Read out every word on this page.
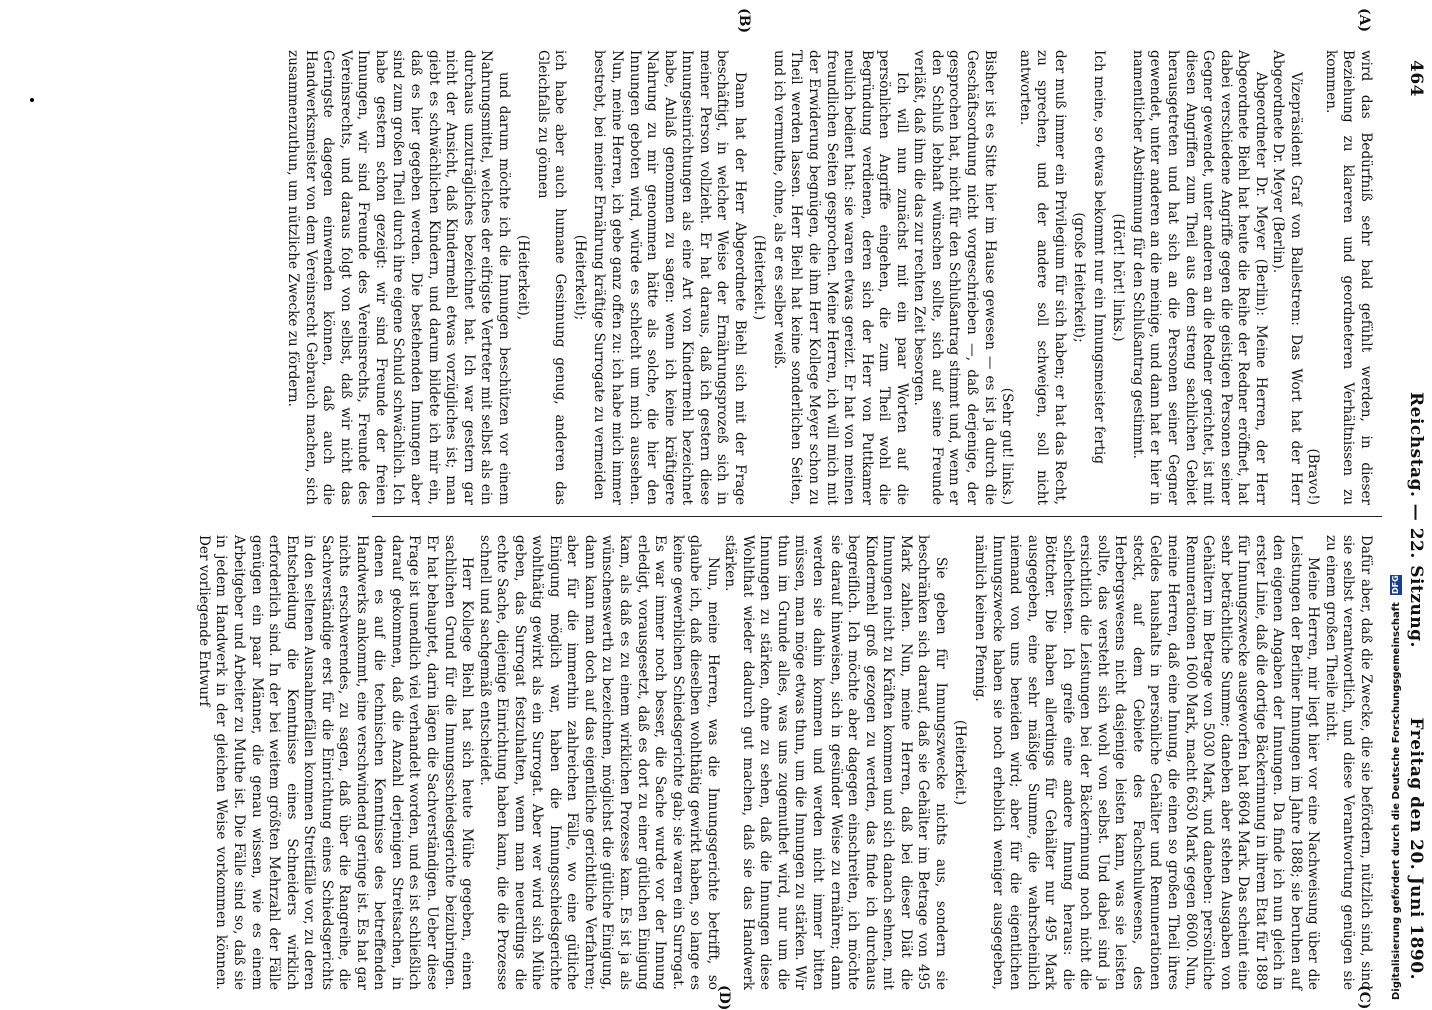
464
Reichstag. — 22. Sitzung.
Freitag den 20. Juni 1890.
(A)
(B)
(C)
(D)

wird das Bedürfniß sehr bald gefühlt werden, in dieser Beziehung zu klareren und geordneteren Verhältnissen zu kommen.

(Bravo!)

Vizepräsident Graf von Ballestrem: Das Wort hat der Herr Abgeordnete Dr. Meyer (Berlin).

Abgeordneter Dr. Meyer (Berlin): Meine Herren, der Herr Abgeordnete Biehl hat heute die Reihe der Redner eröffnet, hat dabei verschiedene Angriffe gegen die geistigen Personen seiner Gegner gewendet, unter anderen an die Redner gerichtet, ist mit diesen Angriffen zum Theil aus dem streng sachlichen Gebiet herausgetreten und hat sich an die Personen seiner Gegner gewendet, unter anderen an die meinige, und dann hat er hier in namentlicher Abstimmung für den Schlußantrag gestimmt.

(Hört! hört! links.)

Ich meine, so etwas bekommt nur ein Innungsmeister fertig

(große Heiterkeit);

der muß immer ein Privilegium für sich haben; er hat das Recht, zu sprechen, und der andere soll schweigen, soll nicht antworten.

(Sehr gut! links.)

Bisher ist es Sitte hier im Hause gewesen — es ist ja durch die Geschäftsordnung nicht vorgeschrieben —, daß derjenige, der gesprochen hat, nicht für den Schlußantrag stimmt und, wenn er den Schluß lebhaft wünschen sollte, sich auf seine Freunde verläßt, daß ihm die das zur rechten Zeit besorgen.

Ich will nun zunächst mit ein paar Worten auf die persönlichen Angriffe eingehen, die zum Theil wohl die Begründung verdienen, deren sich der Herr von Puttkamer neulich bedient hat: sie waren etwas gereizt. Er hat von meinen freundlichen Seiten gesprochen. Meine Herren, ich will mich mit der Erwiderung begnügen, die ihm Herr Kollege Meyer schon zu Theil werden lassen. Herr Biehl hat keine sonderlichen Seiten, und ich vermuthe, ohne, als er es selber weiß.

(Heiterkeit.)

Dann hat der Herr Abgeordnete Biehl sich mit der Frage beschäftigt, in welcher Weise der Ernährungsprozeß sich in meiner Person vollzieht. Er hat daraus, daß ich gestern diese Innungseinrichtungen als eine Art von Kindermehl bezeichnet habe, Anlaß genommen zu sagen: wenn ich keine kräftigere Nahrung zu mir genommen hätte als solche, die hier den Innungen geboten wird, würde es schlecht um mich aussehen. Nun, meine Herren, ich gebe ganz offen zu: ich habe mich immer bestrebt, bei meiner Ernährung kräftige Surrogate zu vermeiden

(Heiterkeit);

ich habe aber auch humane Gesinnung genug, anderen das Gleichfalls zu gönnen

(Heiterkeit),

und darum möchte ich die Innungen beschützen vor einem Nahrungsmittel, welches der eifrigste Vertreter mit selbst als ein durchaus unzuträgliches bezeichnet hat. Ich war gestern gar nicht der Ansicht, daß Kindermehl etwas vorzügliches ist; man giebt es schwächlichen Kindern, und darum bildete ich mir ein, daß es hier gegeben werden. Die bestehenden Innungen aber sind zum großen Theil durch ihre eigene Schuld schwächlich. Ich habe gestern schon gezeigt: wir sind Freunde der freien Innungen, wir sind Freunde des Vereinsrechts, Freunde des Vereinsrechts, und daraus folgt von selbst, daß wir nicht das Geringste dagegen einwenden können, daß auch die Handwerksmeister von dem Vereinsrecht Gebrauch machen, sich zusammenzuthun, um nützliche Zwecke zu fördern.

Dafür aber, daß die Zwecke, die sie befördern, nützlich sind, sind sie selbst verantwortlich, und diese Verantwortung genügen sie zu einem großen Theile nicht.

Meine Herren, mir liegt hier vor eine Nachweisung über die Leistungen der Berliner Innungen im Jahre 1888; sie beruhen auf den eigenen Angaben der Innungen. Da finde ich nun gleich in erster Linie, daß die dortige Bäckerinnung in ihrem Etat für 1889 für Innungszwecke ausgeworfen hat 8604 Mark. Das scheint eine sehr beträchtliche Summe; daneben aber stehen Ausgaben von Gehältern im Betrage von 5030 Mark, und daneben: persönliche Remunerationen 1600 Mark, macht 6630 Mark gegen 8600. Nun, meine Herren, daß eine Innung, die einen so großen Theil ihres Geldes haushalts in persönliche Gehälter und Remunerationen steckt, auf dem Gebiete des Fachschulwesens, des Herbergswesens nicht dasjenige leisten kann, was sie leisten sollte, das versteht sich wohl von selbst. Und dabei sind ja ersichtlich die Leistungen bei der Bäckerinnung noch nicht die schlechtesten. Ich greife eine andere Innung heraus: die Böttcher. Die haben allerdings für Gehälter nur 495 Mark ausgegeben, eine sehr mäßige Summe, die wahrscheinlich niemand von uns beneiden wird; aber für die eigentlichen Innungszwecke haben sie noch erheblich weniger ausgegeben, nämlich keinen Pfennig.

(Heiterkeit.)

Sie geben für Innungszwecke nichts aus, sondern sie beschränken sich darauf, daß sie Gehälter im Betrage von 495 Mark zahlen. Nun, meine Herren, daß bei dieser Diät die Innungen nicht zu Kräften kommen und sich danach sehnen, mit Kindermehl groß gezogen zu werden, das finde ich durchaus begreiflich. Ich möchte aber dagegen einschreiten, ich möchte sie darauf hinweisen, sich in gesünder Weise zu ernähren; dann werden sie dahin kommen und werden nicht immer bitten müssen, man möge etwas thun, um die Innungen zu stärken. Wir thun im Grunde alles, was uns zugemuthet wird, nur um die Innungen zu stärken, ohne zu sehen, daß die Innungen diese Wohlthat wieder dadurch gut machen, daß sie das Handwerk stärken.

Nun, meine Herren, was die Innungsgerichte betrifft, so glaube ich, daß dieselben wohlthätig gewirkt haben, so lange es keine gewerblichen Schiedsgerichte gab; sie waren ein Surrogat. Es war immer noch besser, die Sache wurde vor der Innung erledigt, vorausgesetzt, daß es dort zu einer gütlichen Einigung kam, als daß es zu einem wirklichen Prozesse kam. Es ist ja als wünschenswerth zu bezeichnen, möglichst die gütliche Einigung, dann kann man doch auf das eigentliche gerichtliche Verfahren; aber für die immerhin zahlreichen Fälle, wo eine gütliche Einigung möglich war, haben die Innungsschiedsgerichte wohlthätig gewirkt als ein Surrogat. Aber wer wird sich Mühe geben, das Surrogat festzuhalten, wenn man neuerdings die echte Sache, diejenige Einrichtung haben kann, die die Prozesse schnell und sachgemäß entscheidet.

Herr Kollege Biehl hat sich heute Mühe gegeben, einen sachlichen Grund für die Innungsschiedsgerichte beizubringen. Er hat behauptet, darin lägen die Sachverständigen. Ueber diese Frage ist unendlich viel verhandelt worden, und es ist schließlich darauf gekommen, daß die Anzahl derjenigen Streitsachen, in denen es auf die technischen Kenntnisse des betreffenden Handwerks ankommt, eine verschwindend geringe ist. Es hat gar nichts erschwerendes, zu sagen, daß über die Rangreihe, die Sachverständige erst für die Einrichtung eines Schiedsgerichts in den seltenen Ausnahmefällen kommen Streitfälle vor, zu deren Entscheidung die Kenntnisse eines Schneiders wirklich erforderlich sind. In der bei weitem größten Mehrzahl der Fälle genügen ein paar Männer, die genau wissen, wie es einem Arbeitgeber und Arbeiter zu Muthe ist. Die Fälle sind so, daß sie in jedem Handwerk in der gleichen Weise vorkommen können. Der vorliegende Entwurf	Digitalisierung gefördert durch die Deutsche Forschungsgemeinschaft DFG
